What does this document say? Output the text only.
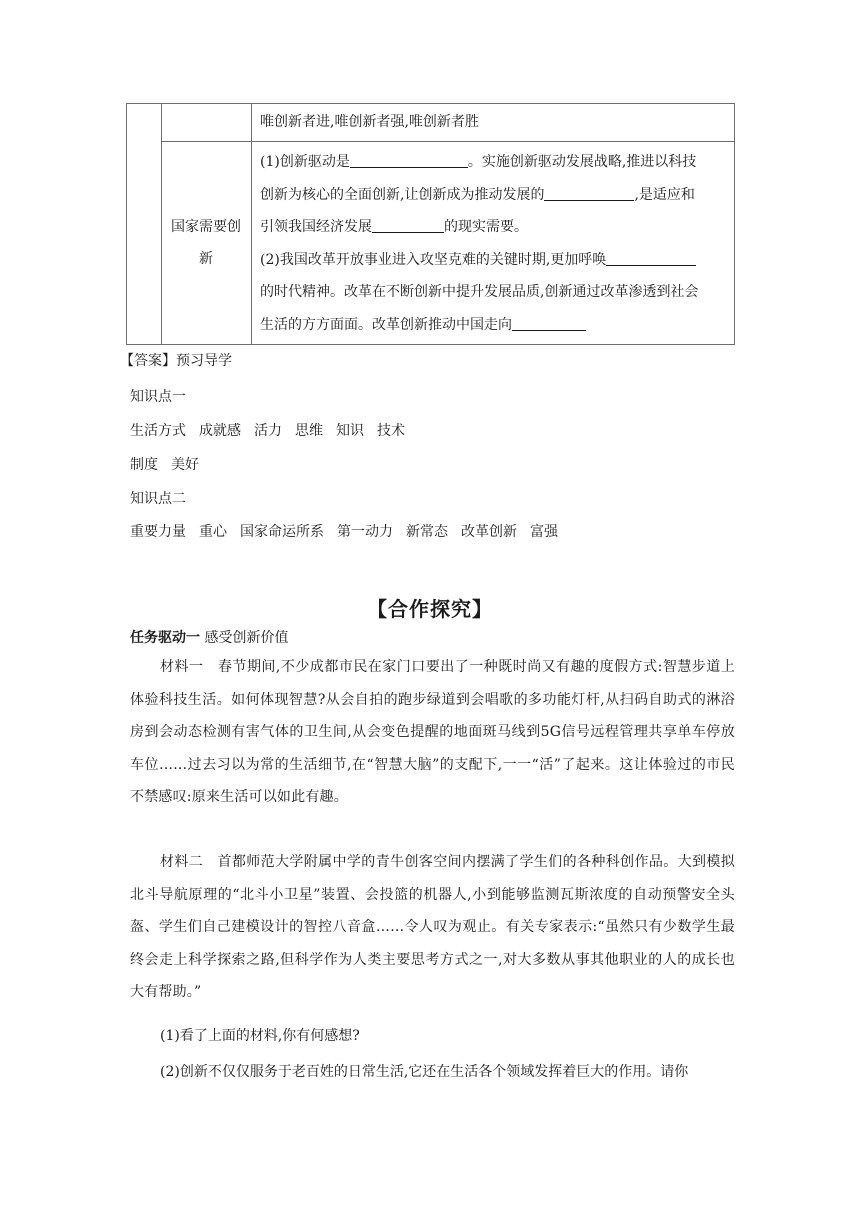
唯创新者进,唯创新者强,唯创新者胜
国家需要创
新
(1)创新驱动是	。实施创新驱动发展战略,推进以科技
创新为核心的全面创新,让创新成为推动发展的	,是适应和
引领我国经济发展	的现实需要。
(2)我国改革开放事业进入攻坚克难的关键时期,更加呼唤
的时代精神。改革在不断创新中提升发展品质,创新通过改革渗透到社会
生活的方方面面。改革创新推动中国走向
【答案】预习导学
知识点一
生活方式 成就感 活力 思维 知识 技术
制度 美好
知识点二
重要力量 重心 国家命运所系 第一动力 新常态 改革创新 富强
【合作探究】
任务驱动一 感受创新价值
材料一　春节期间,不少成都市民在家门口要出了一种既时尚又有趣的度假方式:智慧步道上体验科技生活。如何体现智慧?从会自拍的跑步绿道到会唱歌的多功能灯杆,从扫码自助式的淋浴房到会动态检测有害气体的卫生间,从会变色提醒的地面斑马线到5G信号远程管理共享单车停放车位……过去习以为常的生活细节,在“智慧大脑”的支配下,一一“活”了起来。这让体验过的市民不禁感叹:原来生活可以如此有趣。
材料二　首都师范大学附属中学的青牛创客空间内摆满了学生们的各种科创作品。大到模拟北斗导航原理的“北斗小卫星”装置、会投篮的机器人,小到能够监测瓦斯浓度的自动预警安全头盔、学生们自己建模设计的智控八音盒……令人叹为观止。有关专家表示:“虽然只有少数学生最终会走上科学探索之路,但科学作为人类主要思考方式之一,对大多数从事其他职业的人的成长也大有帮助。”
(1)看了上面的材料,你有何感想?
(2)创新不仅仅服务于老百姓的日常生活,它还在生活各个领域发挥着巨大的作用。请你
